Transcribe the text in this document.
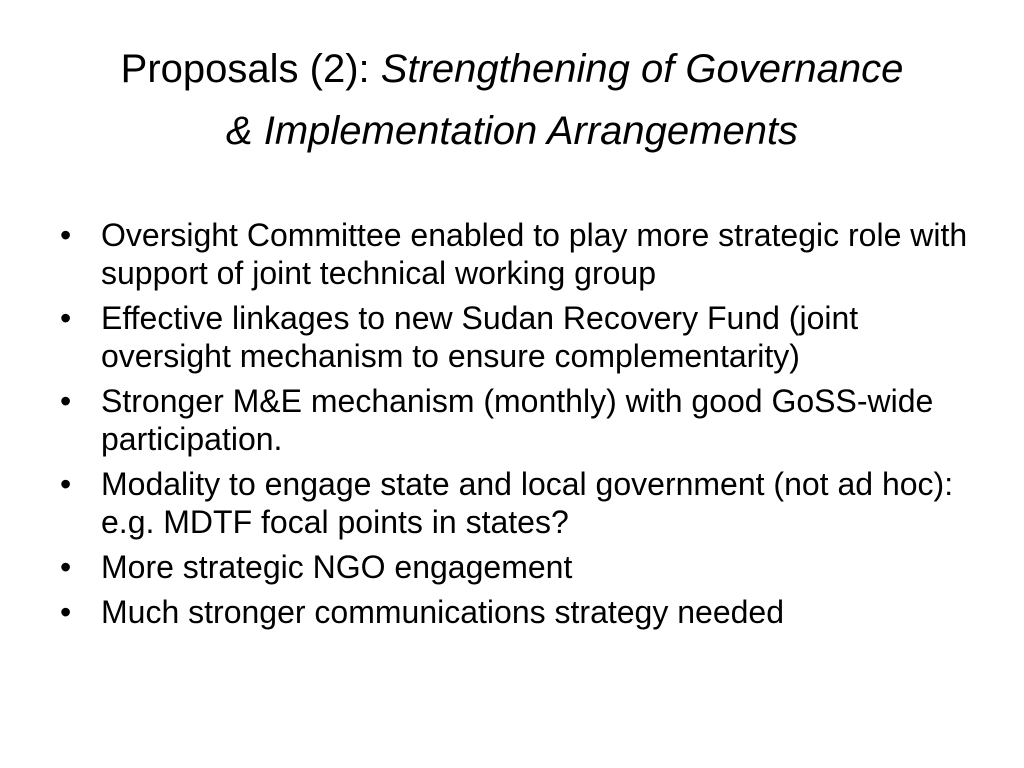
Proposals (2): Strengthening of Governance
& Implementation Arrangements
• Oversight Committee enabled to play more strategic role with support of joint technical working group
• Effective linkages to new Sudan Recovery Fund (joint oversight mechanism to ensure complementarity)
• Stronger M&E mechanism (monthly) with good GoSS-wide participation.
• Modality to engage state and local government (not ad hoc): e.g. MDTF focal points in states?
• More strategic NGO engagement
• Much stronger communications strategy needed
